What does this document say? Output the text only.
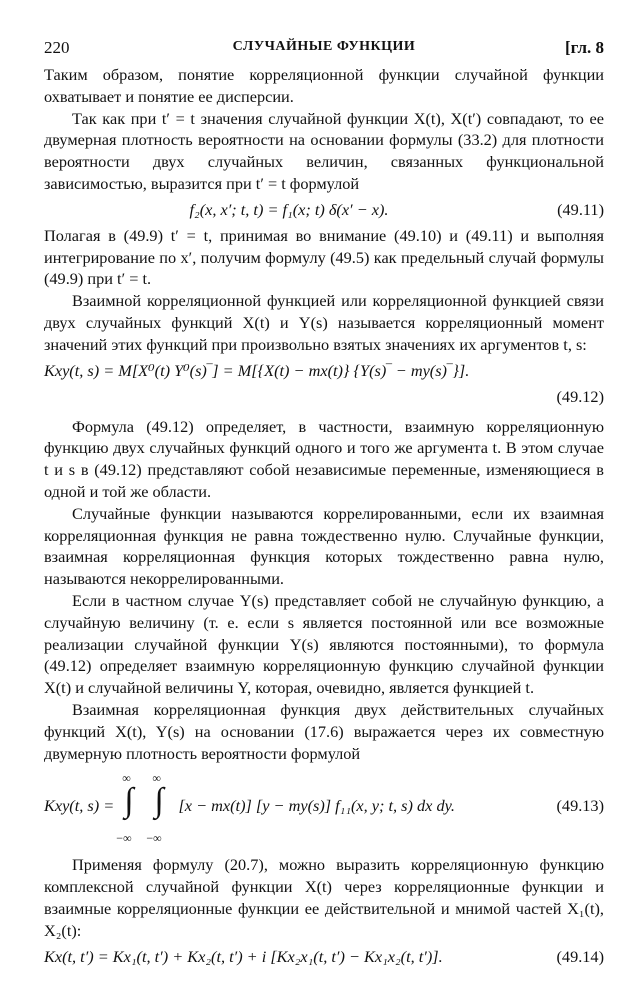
220	СЛУЧАЙНЫЕ ФУНКЦИИ	[гл. 8

Таким образом, понятие корреляционной функции случайной функции охватывает и понятие ее дисперсии.

Так как при t′ = t значения случайной функции X(t), X(t′) совпадают, то ее двумерная плотность вероятности на основании формулы (33.2) для плотности вероятности двух случайных величин, связанных функциональной зависимостью, выразится при t′ = t формулой

f₂(x, x′; t, t) = f₁(x; t) δ(x′ − x).	(49.11)

Полагая в (49.9) t′ = t, принимая во внимание (49.10) и (49.11) и выполняя интегрирование по x′, получим формулу (49.5) как предельный случай формулы (49.9) при t′ = t.

Взаимной корреляционной функцией или корреляционной функцией связи двух случайных функций X(t) и Y(s) называется корреляционный момент значений этих функций при произвольно взятых значениях их аргументов t, s:

Kxy(t, s) = M[X⁰(t) Y⁰(s)‾] = M[{X(t) − mx(t)} {Y(s)‾ − my(s)‾}].
(49.12)

Формула (49.12) определяет, в частности, взаимную корреляционную функцию двух случайных функций одного и того же аргумента t. В этом случае t и s в (49.12) представляют собой независимые переменные, изменяющиеся в одной и той же области.

Случайные функции называются коррелированными, если их взаимная корреляционная функция не равна тождественно нулю. Случайные функции, взаимная корреляционная функция которых тождественно равна нулю, называются некоррелированными.

Если в частном случае Y(s) представляет собой не случайную функцию, а случайную величину (т. е. если s является постоянной или все возможные реализации случайной функции Y(s) являются постоянными), то формула (49.12) определяет взаимную корреляционную функцию случайной функции X(t) и случайной величины Y, которая, очевидно, является функцией t.

Взаимная корреляционная функция двух действительных случайных функций X(t), Y(s) на основании (17.6) выражается через их совместную двумерную плотность вероятности формулой

Kxy(t, s) =
∞
∫
−∞

∞
∫
−∞
[x − mx(t)] [y − my(s)] f₁₁(x, y; t, s) dx dy.	(49.13)

Применяя формулу (20.7), можно выразить корреляционную функцию комплексной случайной функции X(t) через корреляционные функции и взаимные корреляционные функции ее действительной и мнимой частей X₁(t), X₂(t):

Kx(t, t′) = Kx₁(t, t′) + Kx₂(t, t′) + i [Kx₂x₁(t, t′) − Kx₁x₂(t, t′)].	(49.14)
